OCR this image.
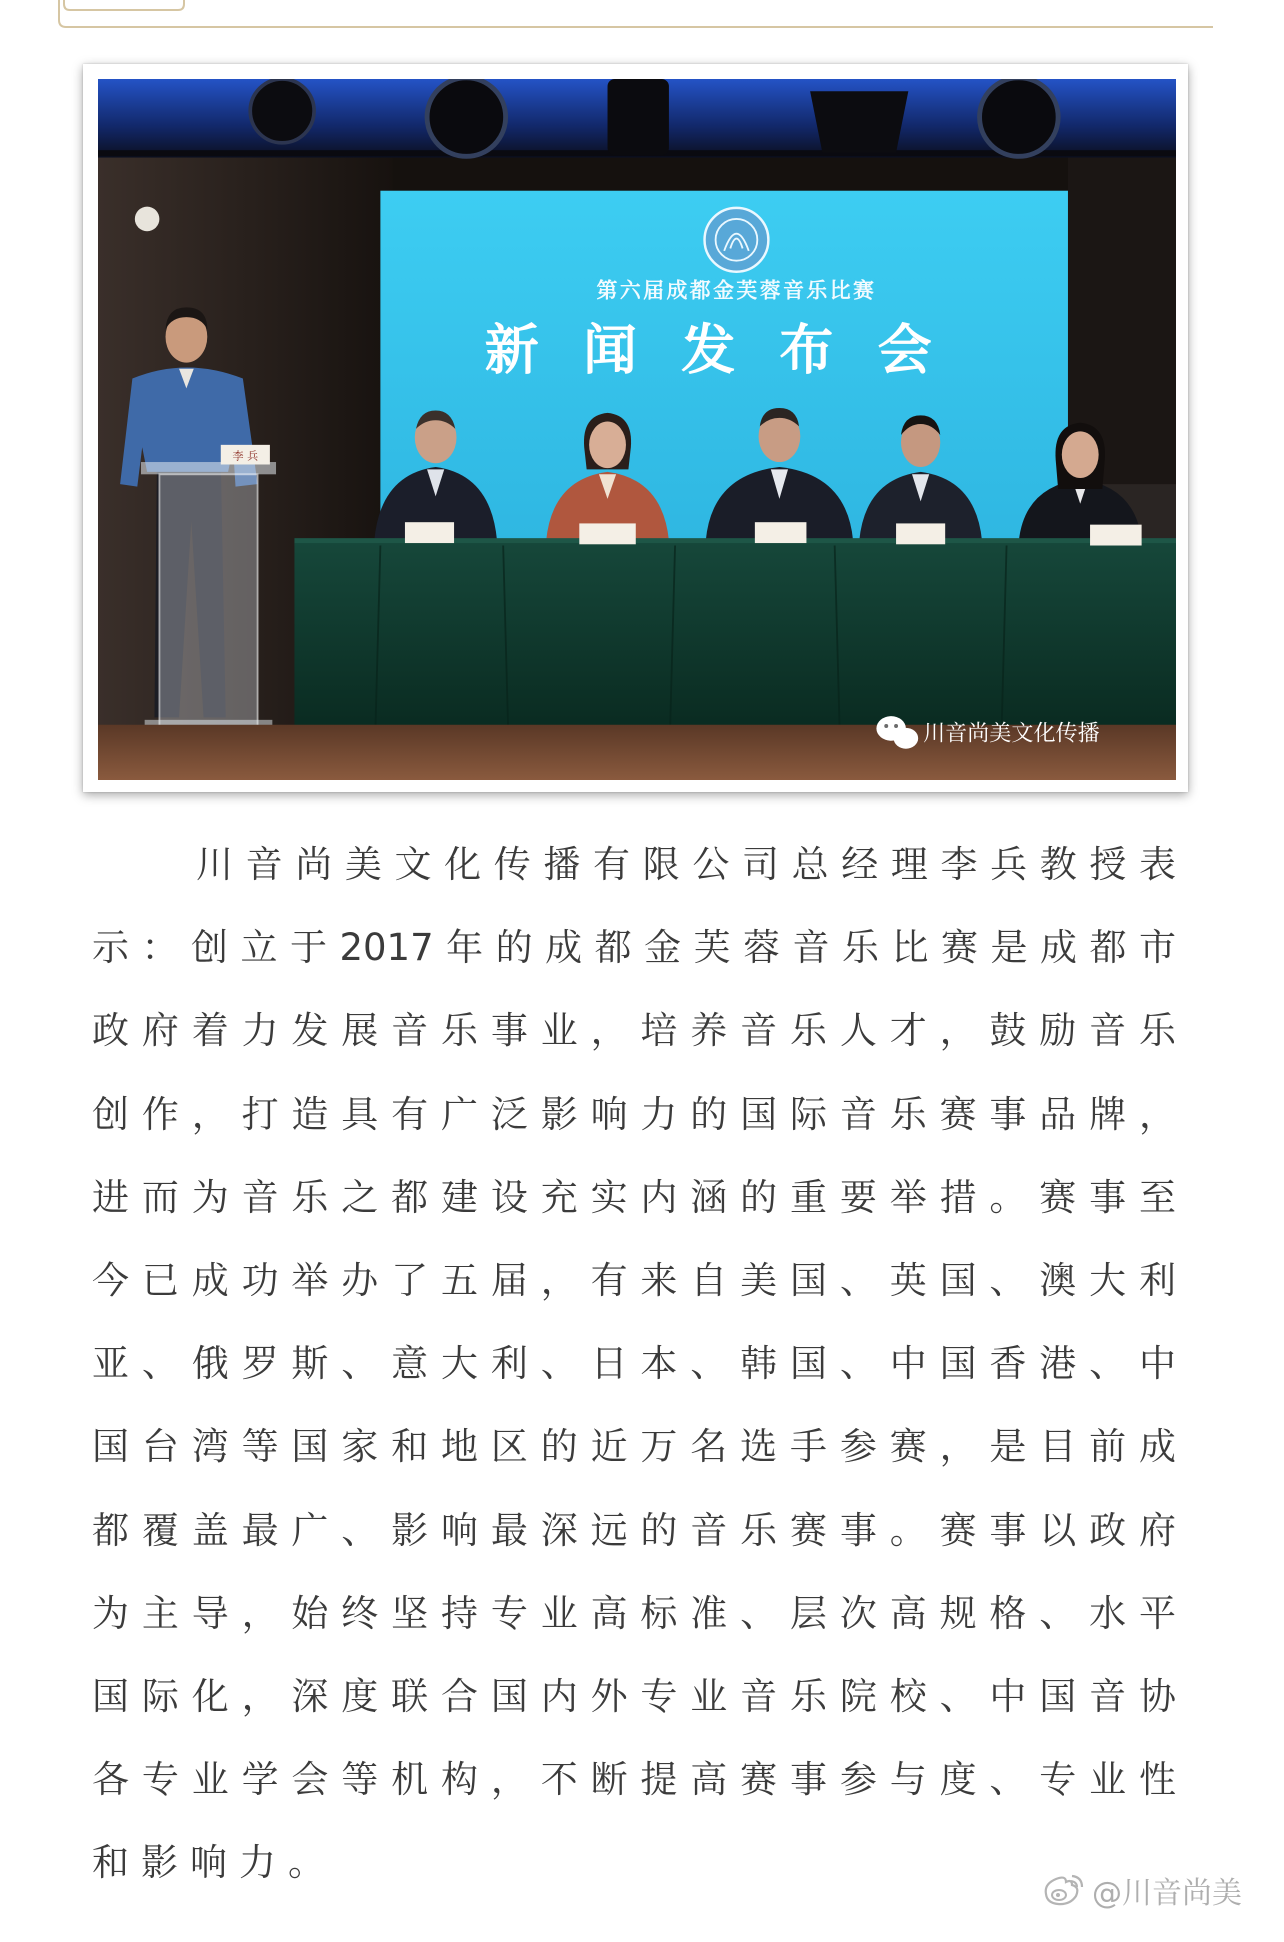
第六届成都金芙蓉音乐比赛
新闻发布会
李 兵
川音尚美文化传播
川音尚美文化传播有限公司总经理李兵教授表
示：创立于2017年的成都金芙蓉音乐比赛是成都市
政府着力发展音乐事业，培养音乐人才，鼓励音乐
创作，打造具有广泛影响力的国际音乐赛事品牌，
进而为音乐之都建设充实内涵的重要举措。赛事至
今已成功举办了五届，有来自美国、英国、澳大利
亚、俄罗斯、意大利、日本、韩国、中国香港、中
国台湾等国家和地区的近万名选手参赛，是目前成
都覆盖最广、影响最深远的音乐赛事。赛事以政府
为主导，始终坚持专业高标准、层次高规格、水平
国际化，深度联合国内外专业音乐院校、中国音协
各专业学会等机构，不断提高赛事参与度、专业性
和影响力。
@川音尚美
